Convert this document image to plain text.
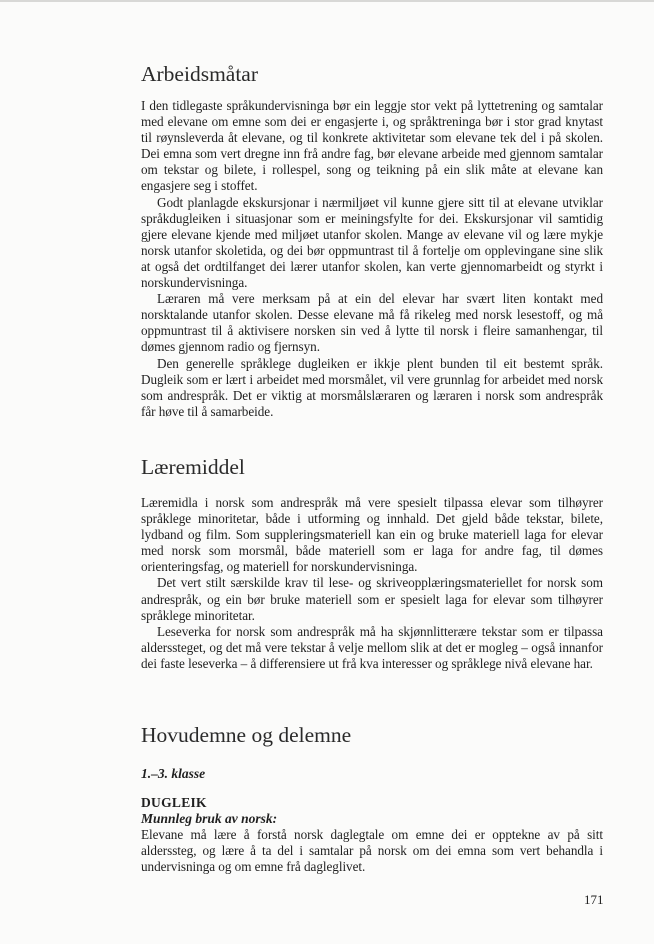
Arbeidsmåtar

I den tidlegaste språkundervisninga bør ein leggje stor vekt på lyttetrening og samtalar med elevane om emne som dei er engasjerte i, og språktreninga bør i stor grad knytast til røynsleverda åt elevane, og til konkrete aktivitetar som elevane tek del i på skolen. Dei emna som vert dregne inn frå andre fag, bør elevane arbeide med gjennom samtalar om tekstar og bilete, i rollespel, song og teikning på ein slik måte at elevane kan engasjere seg i stoffet.

Godt planlagde ekskursjonar i nærmiljøet vil kunne gjere sitt til at elevane utviklar språkdugleiken i situasjonar som er meiningsfylte for dei. Ekskursjonar vil samtidig gjere elevane kjende med miljøet utanfor skolen. Mange av elevane vil og lære mykje norsk utanfor skoletida, og dei bør oppmuntrast til å fortelje om opplevingane sine slik at også det ordtilfanget dei lærer utanfor skolen, kan verte gjennomarbeidt og styrkt i norskundervisninga.

Læraren må vere merksam på at ein del elevar har svært liten kontakt med norsktalande utanfor skolen. Desse elevane må få rikeleg med norsk lesestoff, og må oppmuntrast til å aktivisere norsken sin ved å lytte til norsk i fleire samanhengar, til dømes gjennom radio og fjernsyn.

Den generelle språklege dugleiken er ikkje plent bunden til eit bestemt språk. Dugleik som er lært i arbeidet med morsmålet, vil vere grunnlag for arbeidet med norsk som andrespråk. Det er viktig at morsmålslæraren og læraren i norsk som andrespråk får høve til å samarbeide.

Læremiddel

Læremidla i norsk som andrespråk må vere spesielt tilpassa elevar som tilhøyrer språklege minoritetar, både i utforming og innhald. Det gjeld både tekstar, bilete, lydband og film. Som suppleringsmateriell kan ein og bruke materiell laga for elevar med norsk som morsmål, både materiell som er laga for andre fag, til dømes orienteringsfag, og materiell for norskundervisninga.

Det vert stilt særskilde krav til lese- og skriveopplæringsmateriellet for norsk som andrespråk, og ein bør bruke materiell som er spesielt laga for elevar som tilhøyrer språklege minoritetar.

Leseverka for norsk som andrespråk må ha skjønnlitterære tekstar som er tilpassa alderssteget, og det må vere tekstar å velje mellom slik at det er mogleg – også innanfor dei faste leseverka – å differensiere ut frå kva interesser og språklege nivå elevane har.

Hovudemne og delemne
1.–3. klasse
DUGLEIK
Munnleg bruk av norsk:

Elevane må lære å forstå norsk daglegtale om emne dei er opptekne av på sitt alderssteg, og lære å ta del i samtalar på norsk om dei emna som vert behandla i undervisninga og om emne frå dagleglivet.

171
